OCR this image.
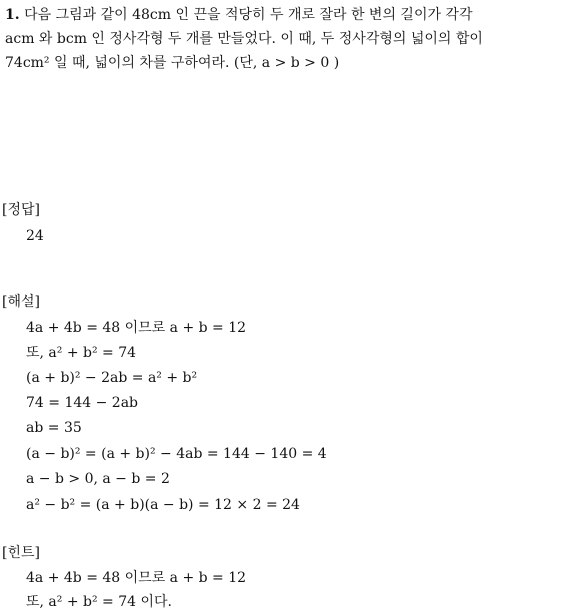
1. 다음 그림과 같이 48cm 인 끈을 적당히 두 개로 잘라 한 변의 길이가 각각
acm 와 bcm 인 정사각형 두 개를 만들었다. 이 때, 두 정사각형의 넓이의 합이
74cm² 일 때, 넓이의 차를 구하여라. (단, a > b > 0 )
[정답]
24
[해설]
4a + 4b = 48 이므로 a + b = 12
또, a² + b² = 74
(a + b)² − 2ab = a² + b²
74 = 144 − 2ab
ab = 35
(a − b)² = (a + b)² − 4ab = 144 − 140 = 4
a − b > 0, a − b = 2
a² − b² = (a + b)(a − b) = 12 × 2 = 24
[힌트]
4a + 4b = 48 이므로 a + b = 12
또, a² + b² = 74 이다.
